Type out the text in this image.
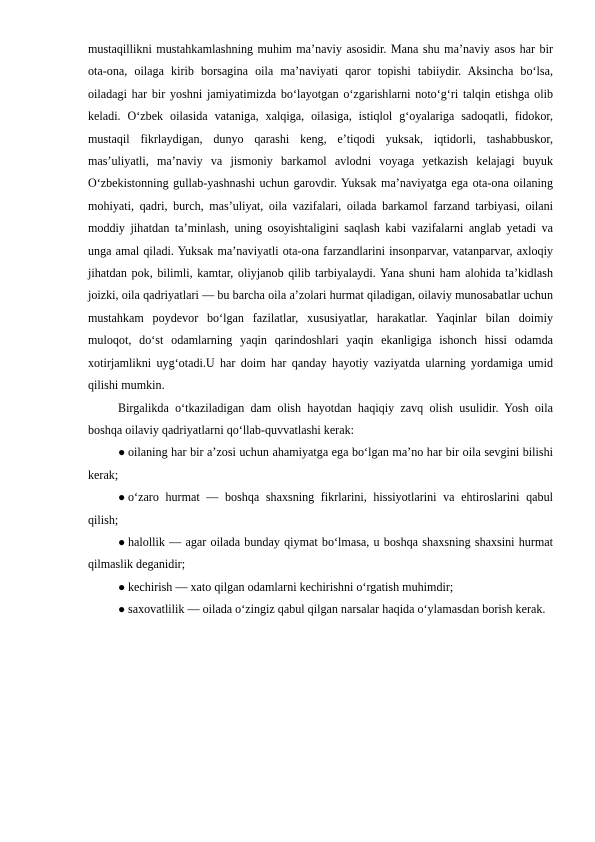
mustaqillikni mustahkamlashning muhim maʼnaviy asosidir. Mana shu maʼnaviy asos har bir ota-ona, oilaga kirib borsagina oila maʼnaviyati qaror topishi tabiiydir. Aksincha boʻlsa, oiladagi har bir yoshni jamiyatimizda boʻlayotgan oʻzgarishlarni notoʻgʻri talqin etishga olib keladi. Oʻzbek oilasida vataniga, xalqiga, oilasiga, istiqlol gʻoyalariga sadoqatli, fidokor, mustaqil fikrlaydigan, dunyo qarashi keng, eʼtiqodi yuksak, iqtidorli, tashabbuskor, masʼuliyatli, maʼnaviy va jismoniy barkamol avlodni voyaga yetkazish kelajagi buyuk Oʻzbekistonning gullab-yashnashi uchun garovdir. Yuksak maʼnaviyatga ega ota-ona oilaning mohiyati, qadri, burch, masʼuliyat, oila vazifalari, oilada barkamol farzand tarbiyasi, oilani moddiy jihatdan taʼminlash, uning osoyishtaligini saqlash kabi vazifalarni anglab yetadi va unga amal qiladi. Yuksak maʼnaviyatli ota-ona farzandlarini insonparvar, vatanparvar, axloqiy jihatdan pok, bilimli, kamtar, oliyjanob qilib tarbiyalaydi. Yana shuni ham alohida taʼkidlash joizki, oila qadriyatlari — bu barcha oila aʼzolari hurmat qiladigan, oilaviy munosabatlar uchun mustahkam poydevor boʻlgan fazilatlar, xususiyatlar, harakatlar. Yaqinlar bilan doimiy muloqot, doʻst odamlarning yaqin qarindoshlari yaqin ekanligiga ishonch hissi odamda xotirjamlikni uygʻotadi.U har doim har qanday hayotiy vaziyatda ularning yordamiga umid qilishi mumkin.

Birgalikda oʻtkaziladigan dam olish hayotdan haqiqiy zavq olish usulidir. Yosh oila boshqa oilaviy qadriyatlarni qoʻllab-quvvatlashi kerak:

● oilaning har bir aʼzosi uchun ahamiyatga ega boʻlgan maʼno har bir oila sevgini bilishi kerak;

● oʻzaro hurmat — boshqa shaxsning fikrlarini, hissiyotlarini va ehtiroslarini qabul qilish;

● halollik — agar oilada bunday qiymat boʻlmasa, u boshqa shaxsning shaxsini hurmat qilmaslik deganidir;

● kechirish — xato qilgan odamlarni kechirishni oʻrgatish muhimdir;

● saxovatlilik — oilada oʻzingiz qabul qilgan narsalar haqida oʻylamasdan borish kerak.
